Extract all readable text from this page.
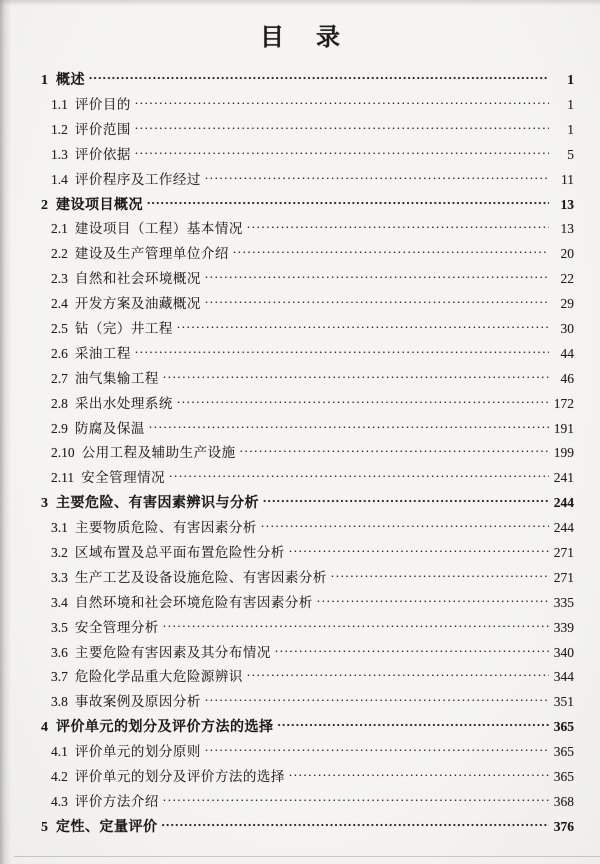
目 录
1 概述 .....	1
1.1 评价目的 .....	1
1.2 评价范围 .....	1
1.3 评价依据 .....	5
1.4 评价程序及工作经过 .....	11
2 建设项目概况 .....	13
2.1 建设项目（工程）基本情况 .....	13
2.2 建设及生产管理单位介绍 .....	20
2.3 自然和社会环境概况 .....	22
2.4 开发方案及油藏概况 .....	29
2.5 钻（完）井工程 .....	30
2.6 采油工程 .....	44
2.7 油气集输工程 .....	46
2.8 采出水处理系统 .....	172
2.9 防腐及保温 .....	191
2.10 公用工程及辅助生产设施 .....	199
2.11 安全管理情况 .....	241
3 主要危险、有害因素辨识与分析 .....	244
3.1 主要物质危险、有害因素分析 .....	244
3.2 区域布置及总平面布置危险性分析 .....	271
3.3 生产工艺及设备设施危险、有害因素分析 .....	271
3.4 自然环境和社会环境危险有害因素分析 .....	335
3.5 安全管理分析 .....	339
3.6 主要危险有害因素及其分布情况 .....	340
3.7 危险化学品重大危险源辨识 .....	344
3.8 事故案例及原因分析 .....	351
4 评价单元的划分及评价方法的选择 .....	365
4.1 评价单元的划分原则 .....	365
4.2 评价单元的划分及评价方法的选择 .....	365
4.3 评价方法介绍 .....	368
5 定性、定量评价 .....	376
